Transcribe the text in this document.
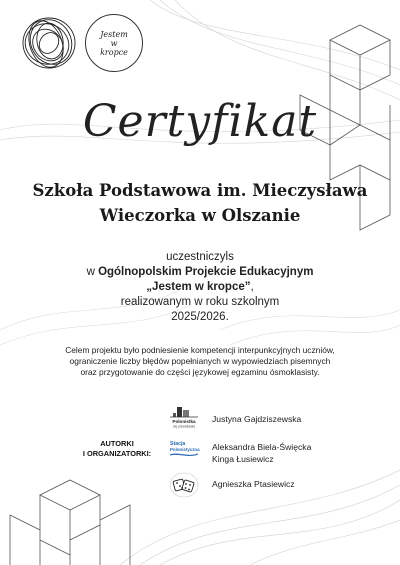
Jestem
w
kropce
Certyfikat
Szkoła Podstawowa im. Mieczysława
Wieczorka w Olszanie
uczestniczyls
w Ogólnopolskim Projekcie Edukacyjnym
„Jestem w kropce”,
realizowanym w roku szkolnym
2025/2026.
Celem projektu było podniesienie kompetencji interpunkcyjnych uczniów,
ograniczenie liczby błędów popełnianych w wypowiedziach pisemnych
oraz przygotowanie do części językowej egzaminu ósmoklasisty.
AUTORKI
I ORGANIZATORKI:
Polonistka
się przedstawia
Stacja
Polonistyczna
Justyna Gajdziszewska
Aleksandra Biela-Święcka
Kinga Łusiewicz
Agnieszka Ptasiewicz
